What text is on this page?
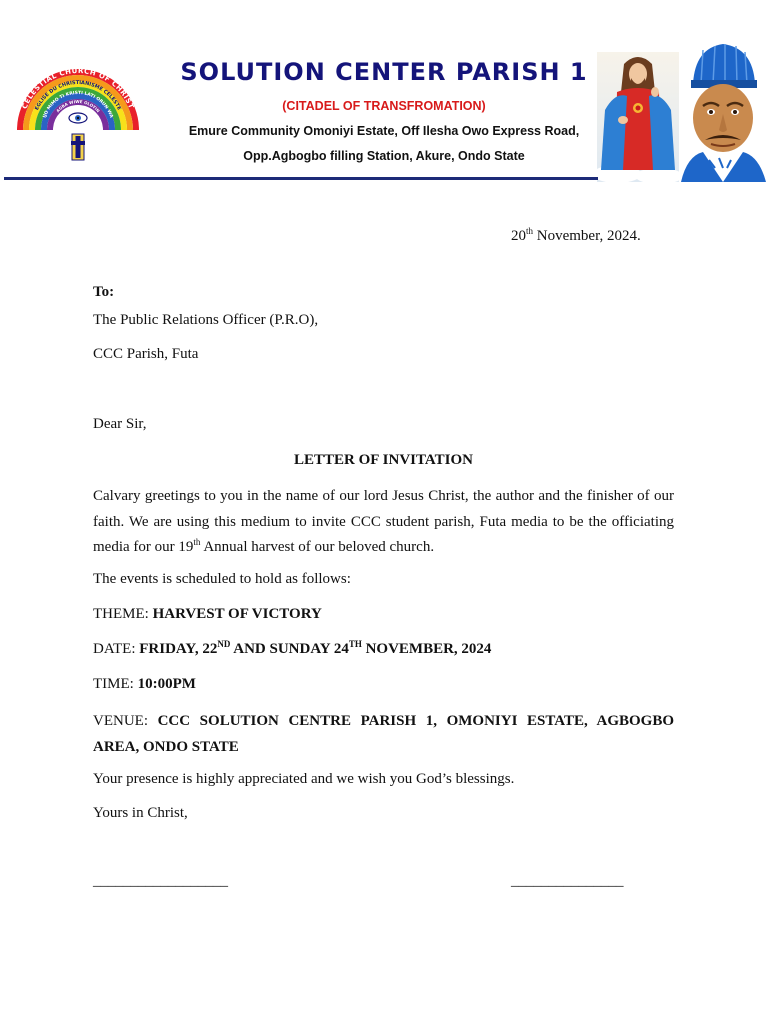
CELESTIAL CHURCH OF CHRIST
EGLISE DU CHRISTIANISME CELESTE
IJO MIMO TI KRISTI LATI ORUN WA
AGBA WIWE OLOYIN
SOLUTION CENTER PARISH 1
(CITADEL OF TRANSFROMATION)
Emure Community Omoniyi Estate, Off Ilesha Owo Express Road,
Opp.Agbogbo filling Station, Akure, Ondo State
20th November, 2024.
To:
The Public Relations Officer (P.R.O),
CCC Parish, Futa
Dear Sir,
LETTER OF INVITATION
Calvary greetings to you in the name of our lord Jesus Christ, the author and the finisher of our faith. We are using this medium to invite CCC student parish, Futa media to be the officiating media for our 19th Annual harvest of our beloved church.
The events is scheduled to hold as follows:
THEME: HARVEST OF VICTORY
DATE: FRIDAY, 22ND AND SUNDAY 24TH NOVEMBER, 2024
TIME: 10:00PM
VENUE: CCC SOLUTION CENTRE PARISH 1, OMONIYI ESTATE, AGBOGBO AREA, ONDO STATE
Your presence is highly appreciated and we wish you God’s blessings.
Yours in Christ,
__________________	_______________
